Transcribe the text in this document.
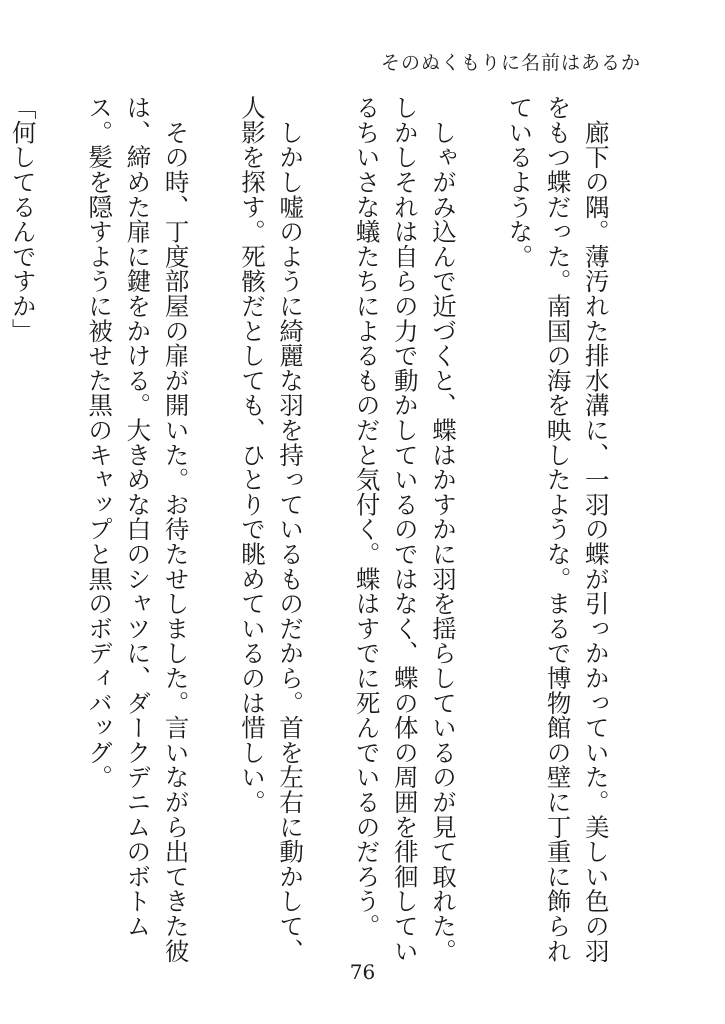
そのぬくもりに名前はあるか

　廊下の隅。薄汚れた排水溝に、一羽の蝶が引っかかっていた。美しい色の羽をもつ蝶だった。南国の海を映したような。まるで博物館の壁に丁重に飾られているような。

　しゃがみ込んで近づくと、蝶はかすかに羽を揺らしているのが見て取れた。しかしそれは自らの力で動かしているのではなく、蝶の体の周囲を徘徊しているちいさな蟻たちによるものだと気付く。蝶はすでに死んでいるのだろう。

　しかし嘘のように綺麗な羽を持っているものだから。首を左右に動かして、人影を探す。死骸だとしても、ひとりで眺めているのは惜しい。

　その時、丁度部屋の扉が開いた。お待たせしました。言いながら出てきた彼は、締めた扉に鍵をかける。大きめな白のシャツに、ダークデニムのボトムス。髪を隠すように被せた黒のキャップと黒のボディバッグ。

「何してるんですか」

76
